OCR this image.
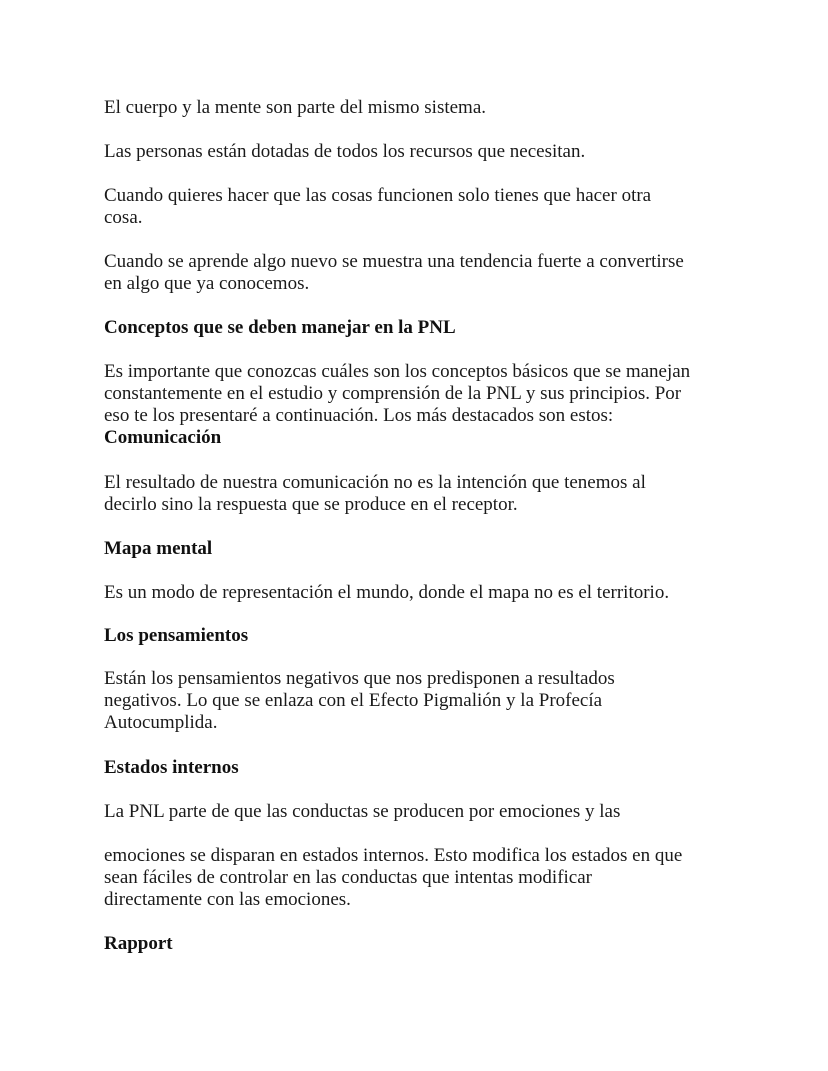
El cuerpo y la mente son parte del mismo sistema.

Las personas están dotadas de todos los recursos que necesitan.

Cuando quieres hacer que las cosas funcionen solo tienes que hacer otra
cosa.

Cuando se aprende algo nuevo se muestra una tendencia fuerte a convertirse
en algo que ya conocemos.

Conceptos que se deben manejar en la PNL

Es importante que conozcas cuáles son los conceptos básicos que se manejan
constantemente en el estudio y comprensión de la PNL y sus principios. Por
eso te los presentaré a continuación. Los más destacados son estos:
Comunicación

El resultado de nuestra comunicación no es la intención que tenemos al
decirlo sino la respuesta que se produce en el receptor.

Mapa mental

Es un modo de representación el mundo, donde el mapa no es el territorio.

Los pensamientos

Están los pensamientos negativos que nos predisponen a resultados
negativos. Lo que se enlaza con el Efecto Pigmalión y la Profecía
Autocumplida.

Estados internos

La PNL parte de que las conductas se producen por emociones y las

emociones se disparan en estados internos. Esto modifica los estados en que
sean fáciles de controlar en las conductas que intentas modificar
directamente con las emociones.

Rapport
